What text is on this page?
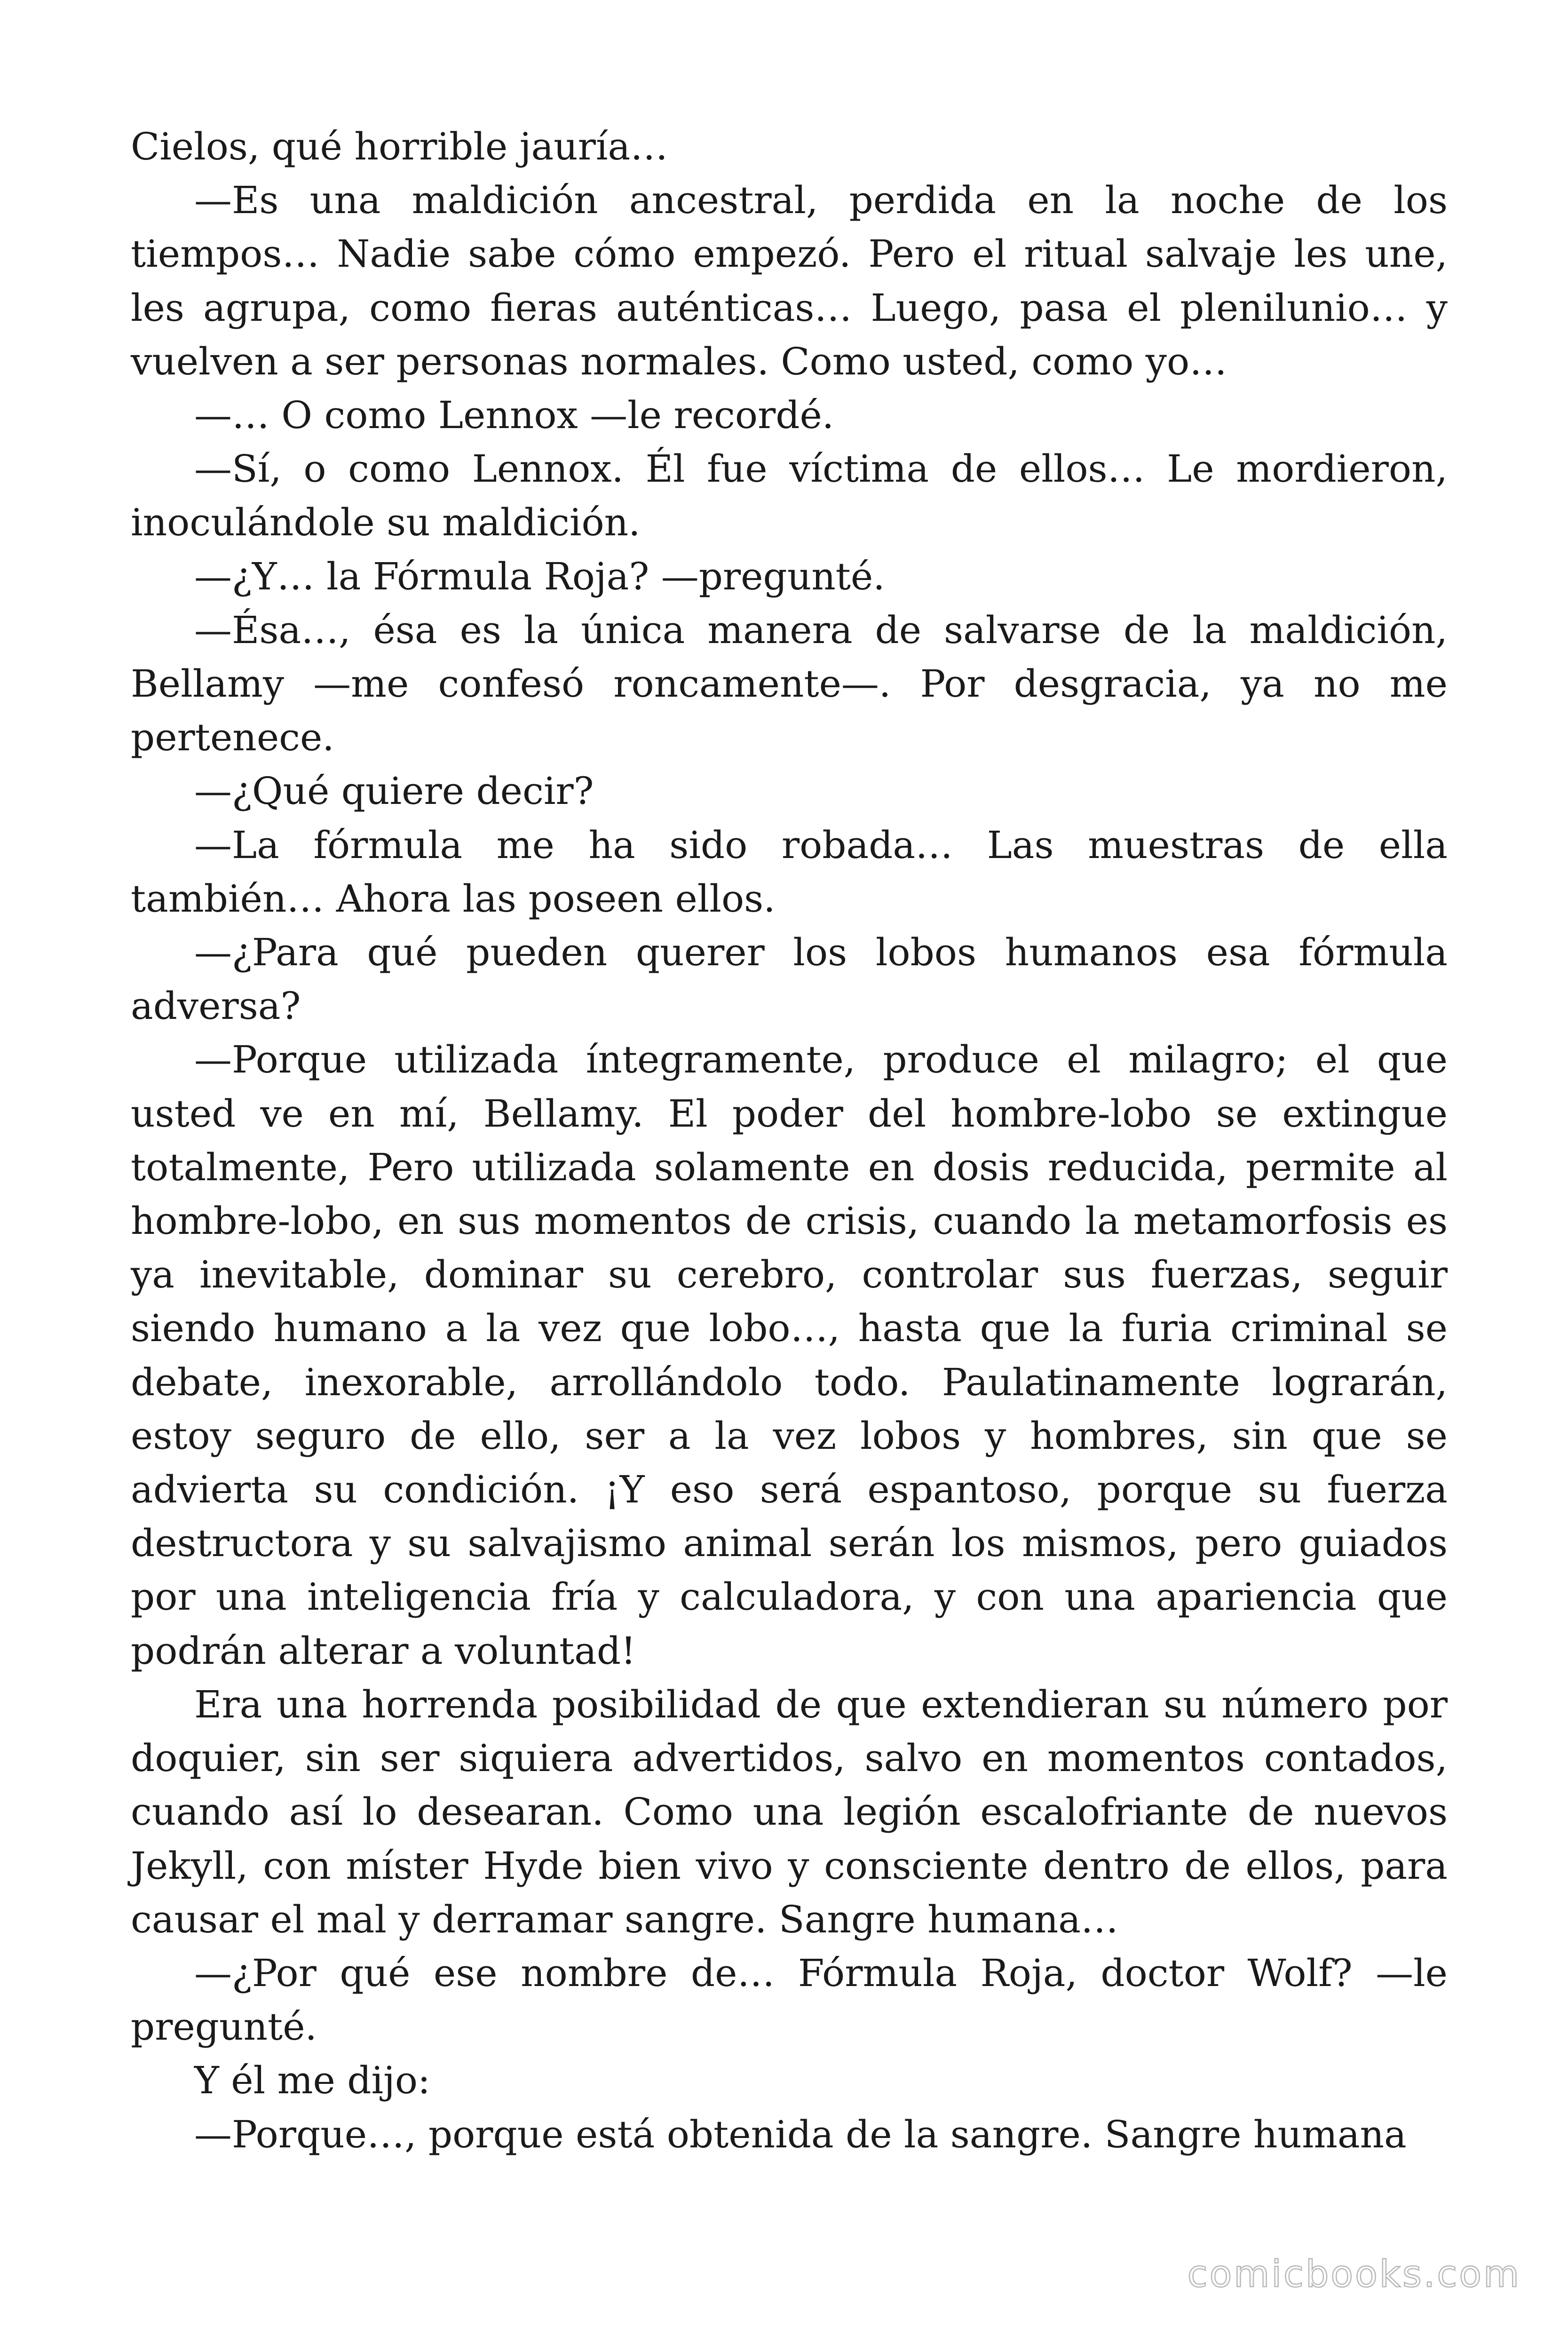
Cielos, qué horrible jauría…

—Es una maldición ancestral, perdida en la noche de los tiempos… Nadie sabe cómo empezó. Pero el ritual salvaje les une, les agrupa, como fieras auténticas… Luego, pasa el plenilunio… y vuelven a ser personas normales. Como usted, como yo…

—… O como Lennox —le recordé.

—Sí, o como Lennox. Él fue víctima de ellos… Le mordieron, inoculándole su maldición.

—¿Y… la Fórmula Roja? —pregunté.

—Ésa…, ésa es la única manera de salvarse de la maldición, Bellamy —me confesó roncamente—. Por desgracia, ya no me pertenece.

—¿Qué quiere decir?

—La fórmula me ha sido robada… Las muestras de ella también… Ahora las poseen ellos.

—¿Para qué pueden querer los lobos humanos esa fórmula adversa?

—Porque utilizada íntegramente, produce el milagro; el que usted ve en mí, Bellamy. El poder del hombre-lobo se extingue totalmente, Pero utilizada solamente en dosis reducida, permite al hombre-lobo, en sus momentos de crisis, cuando la metamorfosis es ya inevitable, dominar su cerebro, controlar sus fuerzas, seguir siendo humano a la vez que lobo…, hasta que la furia criminal se debate, inexorable, arrollándolo todo. Paulatinamente lograrán, estoy seguro de ello, ser a la vez lobos y hombres, sin que se advierta su condición. ¡Y eso será espantoso, porque su fuerza destructora y su salvajismo animal serán los mismos, pero guiados por una inteligencia fría y calculadora, y con una apariencia que podrán alterar a voluntad!

Era una horrenda posibilidad de que extendieran su número por doquier, sin ser siquiera advertidos, salvo en momentos contados, cuando así lo desearan. Como una legión escalofriante de nuevos Jekyll, con míster Hyde bien vivo y consciente dentro de ellos, para causar el mal y derramar sangre. Sangre humana…

—¿Por qué ese nombre de… Fórmula Roja, doctor Wolf? —le pregunté.

Y él me dijo:

—Porque…, porque está obtenida de la sangre. Sangre humana

comicbooks.com
